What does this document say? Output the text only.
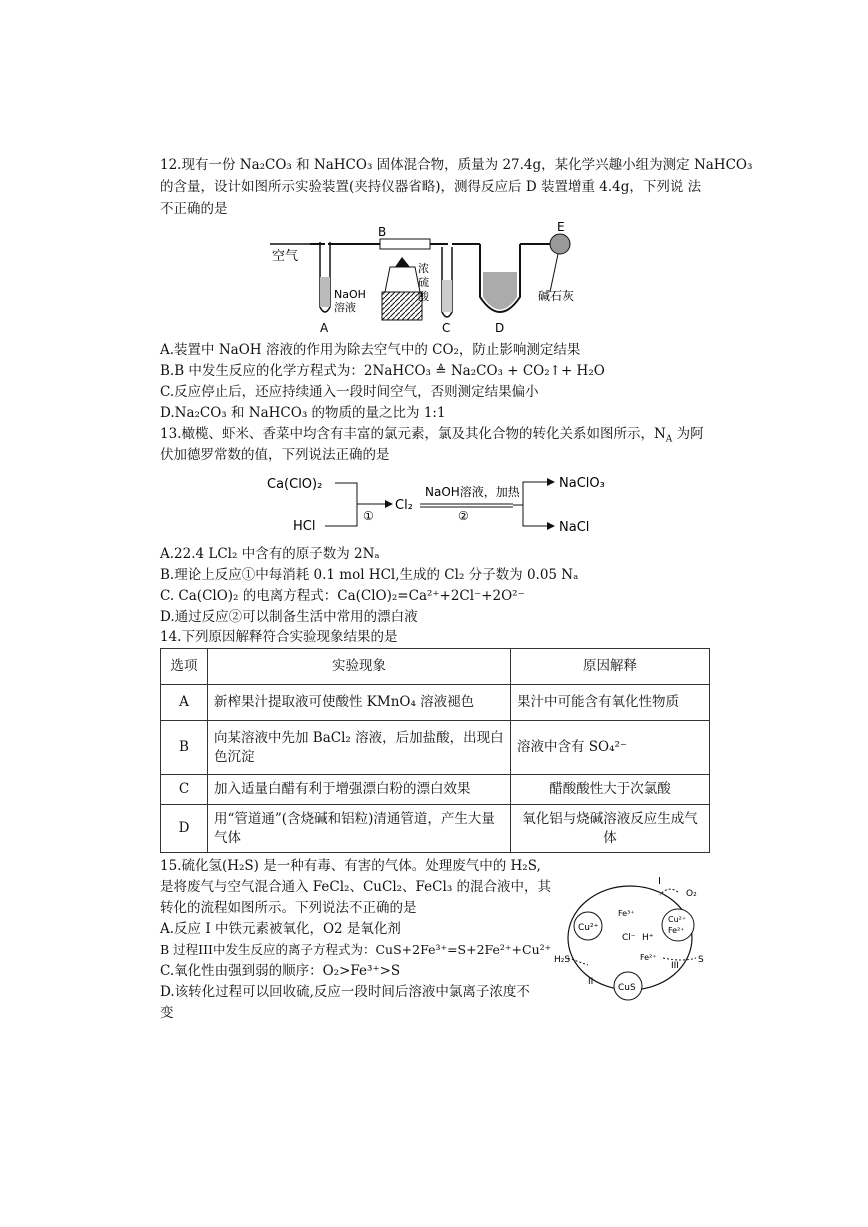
12.现有一份 Na₂CO₃ 和 NaHCO₃ 固体混合物，质量为 27.4g，某化学兴趣小组为测定 NaHCO₃
的含量，设计如图所示实验装置(夹持仪器省略)，测得反应后 D 装置增重 4.4g，下列说 法
不正确的是
空气
NaOH
溶液
A
B
浓
硫
酸
C	D
E
碱石灰
A.装置中 NaOH 溶液的作用为除去空气中的 CO₂，防止影响测定结果
B.B 中发生反应的化学方程式为：2NaHCO₃ ≜ Na₂CO₃ + CO₂↑+ H₂O
C.反应停止后，还应持续通入一段时间空气，否则测定结果偏小
D.Na₂CO₃ 和 NaHCO₃ 的物质的量之比为 1:1
13.橄榄、虾米、香菜中均含有丰富的氯元素，氯及其化合物的转化关系如图所示，$N_A$ 为阿
伏加德罗常数的值，下列说法正确的是
Ca(ClO)₂
HCl
①
Cl₂
NaOH溶液，加热
②
NaClO₃
NaCl
A.22.4 LCl₂ 中含有的原子数为 2Nₐ
B.理论上反应①中每消耗 0.1 mol HCl,生成的 Cl₂ 分子数为 0.05 Nₐ
C. Ca(ClO)₂ 的电离方程式：Ca(ClO)₂=Ca²⁺+2Cl⁻+2O²⁻
D.通过反应②可以制备生活中常用的漂白液
14.下列原因解释符合实验现象结果的是
选项	实验现象	原因解释
A	新榨果汁提取液可使酸性 KMnO₄ 溶液褪色	果汁中可能含有氧化性物质
B	向某溶液中先加 BaCl₂ 溶液，后加盐酸，出现白色沉淀	溶液中含有 SO₄²⁻
C	加入适量白醋有利于增强漂白粉的漂白效果	醋酸酸性大于次氯酸
D	用“管道通”(含烧碱和铝粒)清通管道，产生大量气体	氧化铝与烧碱溶液反应生成气体
15.硫化氢(H₂S) 是一种有毒、有害的气体。处理废气中的 H₂S,
是将废气与空气混合通入 FeCl₂、CuCl₂、FeCl₃ 的混合液中，其
转化的流程如图所示。下列说法不正确的是
A.反应 I 中铁元素被氧化，O2 是氧化剂
B 过程III中发生反应的离子方程式为：CuS+2Fe³⁺=S+2Fe²⁺+Cu²⁺
C.氧化性由强到弱的顺序：O₂>Fe³⁺>S
D.该转化过程可以回收硫,反应一段时间后溶液中氯离子浓度不
变
Cu²⁺
Cu²⁺
Fe²⁺
CuS
I
O₂
Fe³⁺
Cl⁻ H⁺
Fe²⁺
H₂S
II
III
S
